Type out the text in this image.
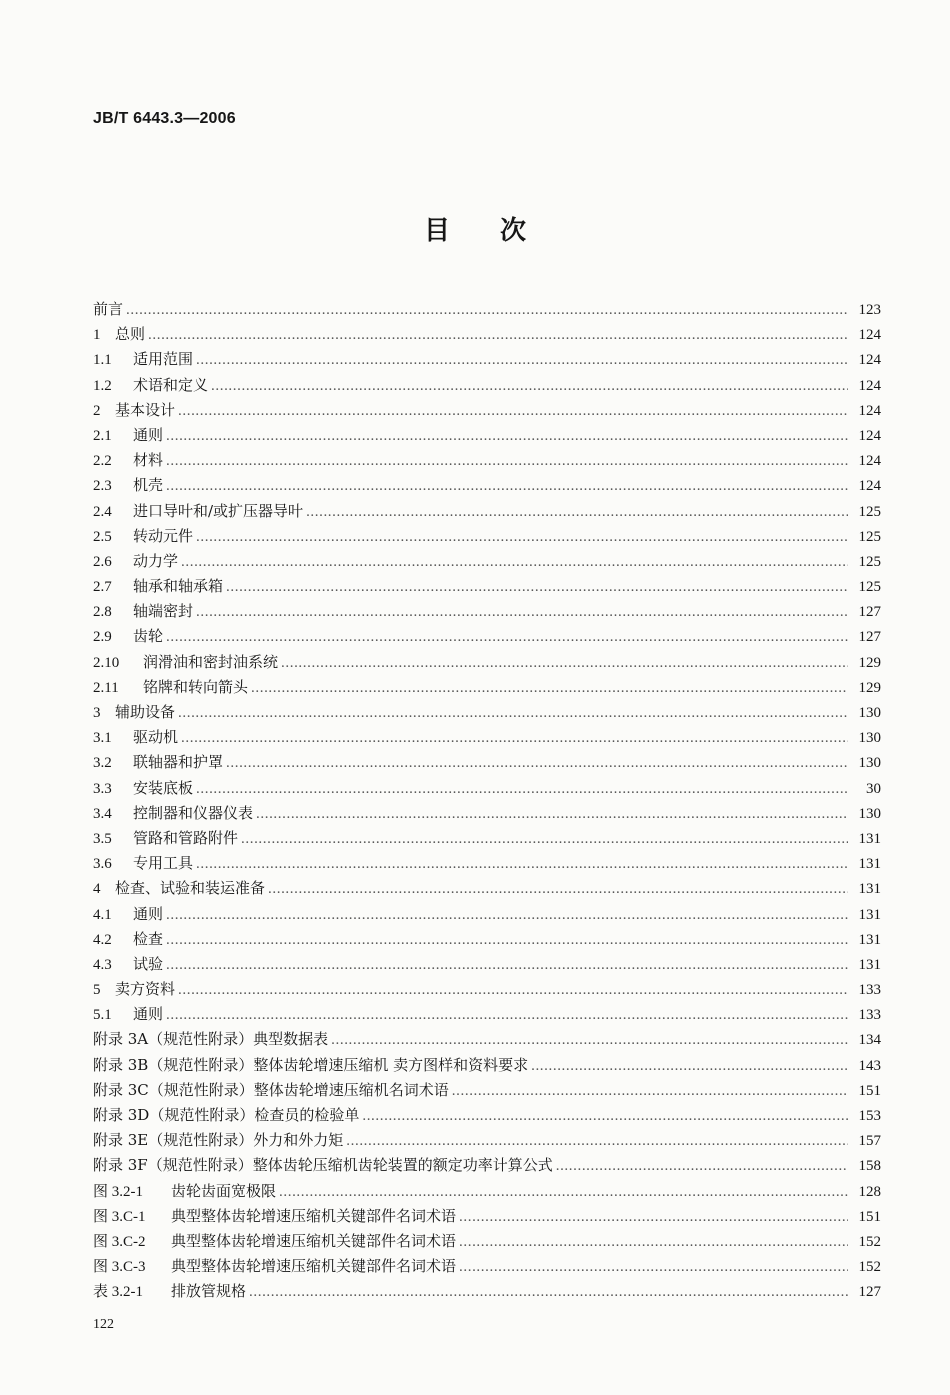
JB/T 6443.3—2006
目次
前言 .....	123
1 总则 .....	124
1.1	适用范围 .....	124
1.2	术语和定义 .....	124
2 基本设计 .....	124
2.1	通则 .....	124
2.2	材料 .....	124
2.3	机壳 .....	124
2.4	进口导叶和/或扩压器导叶 .....	125
2.5	转动元件 .....	125
2.6	动力学 .....	125
2.7	轴承和轴承箱 .....	125
2.8	轴端密封 .....	127
2.9	齿轮 .....	127
2.10	润滑油和密封油系统 .....	129
2.11	铭牌和转向箭头 .....	129
3 辅助设备 .....	130
3.1	驱动机 .....	130
3.2	联轴器和护罩 .....	130
3.3	安装底板 .....	30
3.4	控制器和仪器仪表 .....	130
3.5	管路和管路附件 .....	131
3.6	专用工具 .....	131
4 检查、试验和装运准备 .....	131
4.1	通则 .....	131
4.2	检查 .....	131
4.3	试验 .....	131
5 卖方资料 .....	133
5.1	通则 .....	133
附录 3A（规范性附录）典型数据表 .....	134
附录 3B（规范性附录）整体齿轮增速压缩机 卖方图样和资料要求 .....	143
附录 3C（规范性附录）整体齿轮增速压缩机名词术语 .....	151
附录 3D（规范性附录）检查员的检验单 .....	153
附录 3E（规范性附录）外力和外力矩 .....	157
附录 3F（规范性附录）整体齿轮压缩机齿轮装置的额定功率计算公式 .....	158
图 3.2-1	齿轮齿面宽极限 .....	128
图 3.C-1	典型整体齿轮增速压缩机关键部件名词术语 .....	151
图 3.C-2	典型整体齿轮增速压缩机关键部件名词术语 .....	152
图 3.C-3	典型整体齿轮增速压缩机关键部件名词术语 .....	152
表 3.2-1	排放管规格 .....	127
122
